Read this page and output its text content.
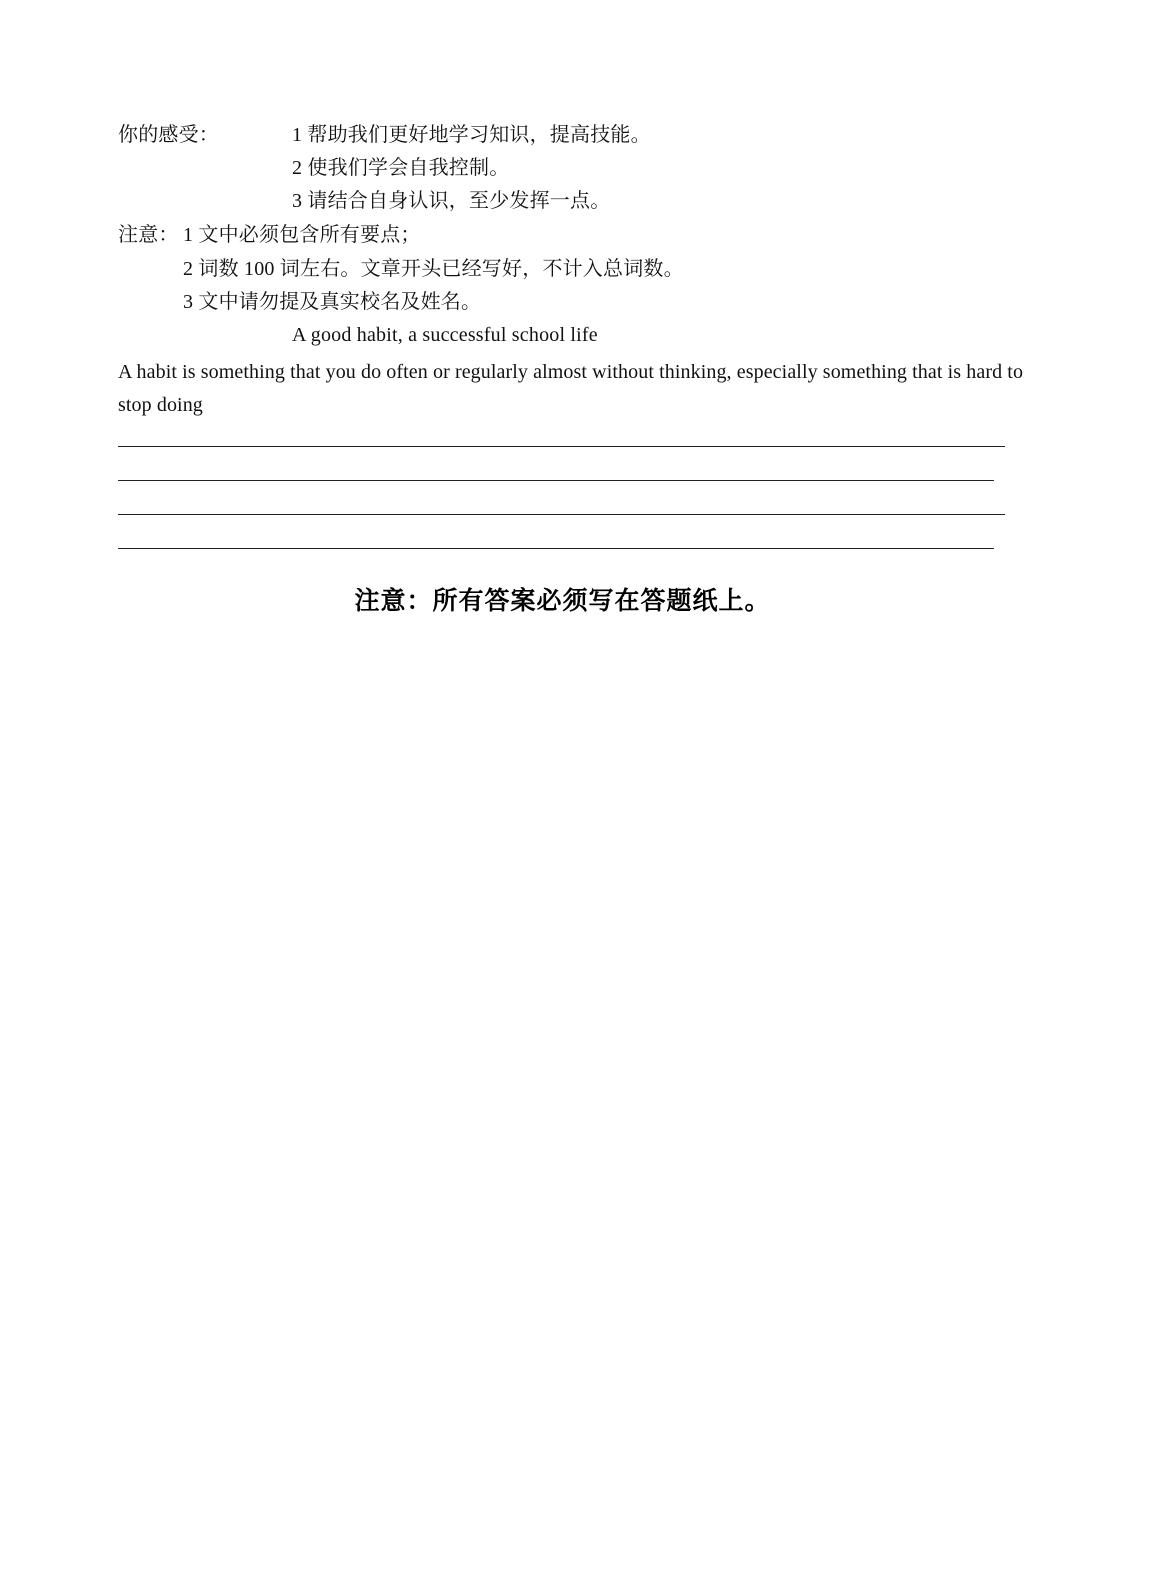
你的感受：	1 帮助我们更好地学习知识，提高技能。
2 使我们学会自我控制。
3 请结合自身认识，至少发挥一点。
注意： 1 文中必须包含所有要点；
2 词数 100 词左右。文章开头已经写好，不计入总词数。
3 文中请勿提及真实校名及姓名。
A good habit, a successful school life
A habit is something that you do often or regularly almost without thinking, especially something that is hard to stop doing
注意：所有答案必须写在答题纸上。
